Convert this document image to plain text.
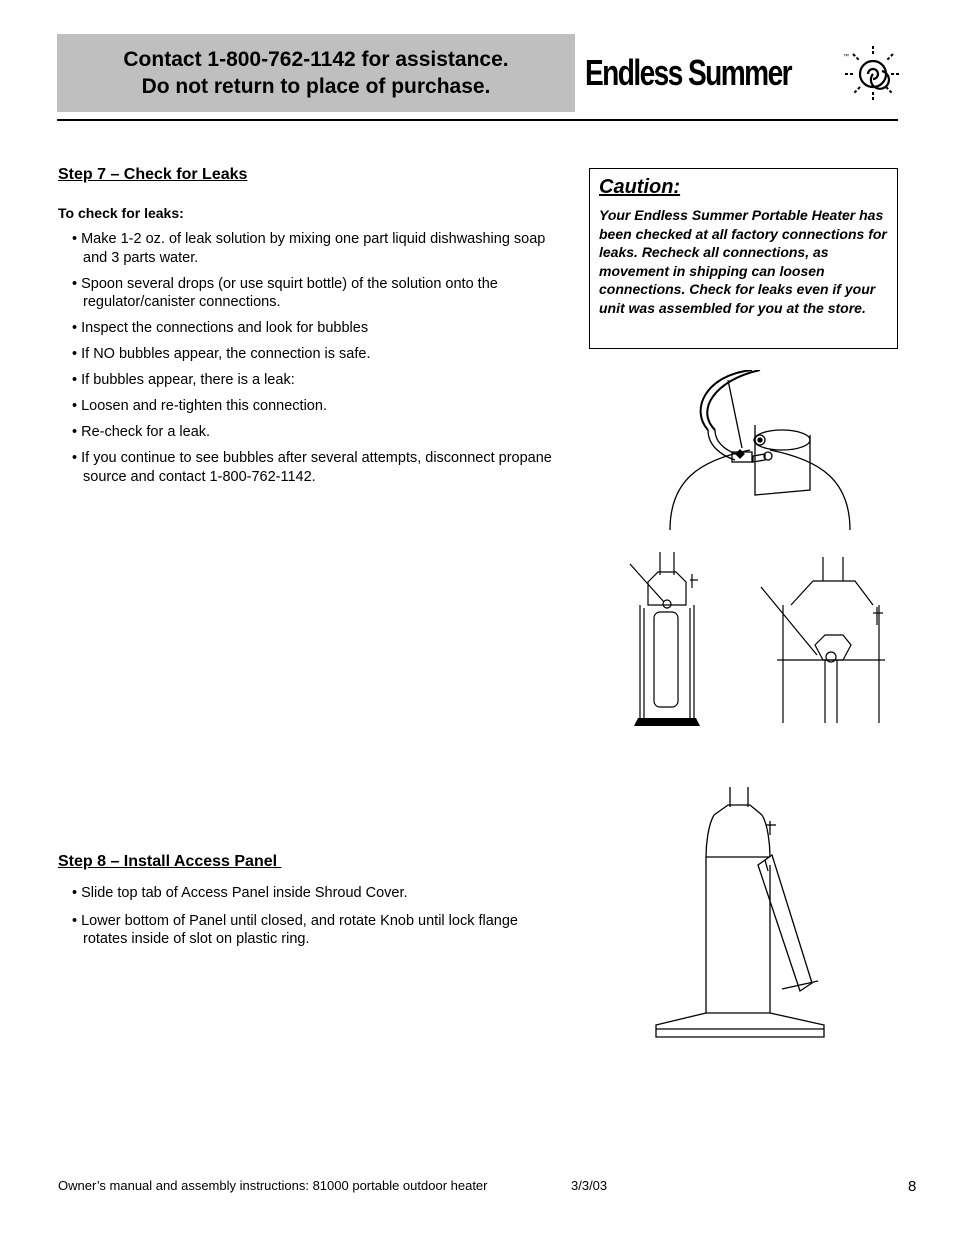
Contact 1-800-762-1142 for assistance.
Do not return to place of purchase.	Endless Summer	™
Step 7 – Check for Leaks
To check for leaks:
• Make 1-2 oz. of leak solution by mixing one part liquid dishwashing soap and 3 parts water.
• Spoon several drops (or use squirt bottle) of the solution onto the regulator/canister connections.
• Inspect the connections and look for bubbles
• If NO bubbles appear, the connection is safe.
• If bubbles appear, there is a leak:
• Loosen and re-tighten this connection.
• Re-check for a leak.
• If you continue to see bubbles after several attempts, disconnect propane source and contact 1-800-762-1142.
Caution:
Your Endless Summer Portable Heater has been checked at all factory connections for leaks. Recheck all connections, as movement in shipping can loosen connections. Check for leaks even if your unit was assembled for you at the store.
Step 8 – Install Access Panel
• Slide top tab of Access Panel inside Shroud Cover.
• Lower bottom of Panel until closed, and rotate Knob until lock flange rotates inside of slot on plastic ring.
Owner’s manual and assembly instructions: 81000 portable outdoor heater	3/3/03	8
